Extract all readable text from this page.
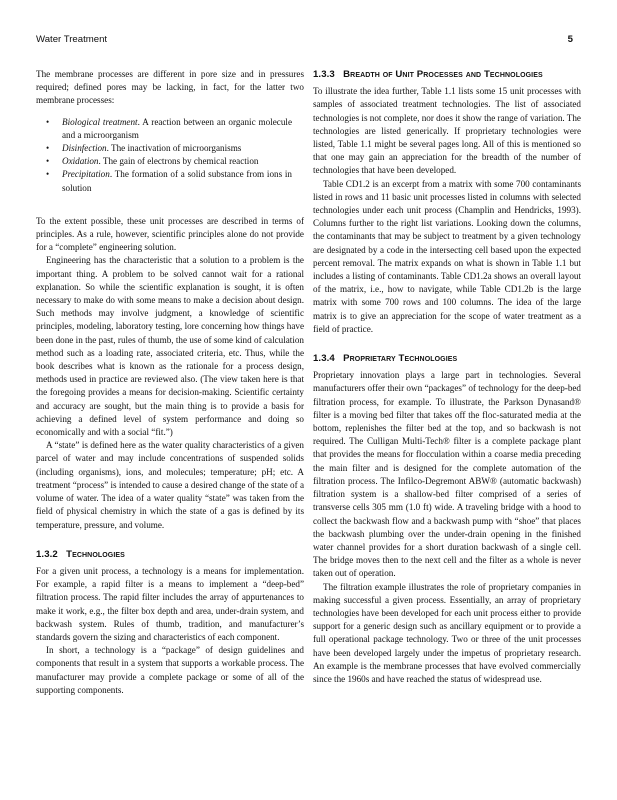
Water Treatment	5

The membrane processes are different in pore size and in pressures required; defined pores may be lacking, in fact, for the latter two membrane processes:

• Biological treatment. A reaction between an organic molecule and a microorganism
• Disinfection. The inactivation of microorganisms
• Oxidation. The gain of electrons by chemical reaction
• Precipitation. The formation of a solid substance from ions in solution

To the extent possible, these unit processes are described in terms of principles. As a rule, however, scientific principles alone do not provide for a “complete” engineering solution.

Engineering has the characteristic that a solution to a problem is the important thing. A problem to be solved cannot wait for a rational explanation. So while the scientific explanation is sought, it is often necessary to make do with some means to make a decision about design. Such methods may involve judgment, a knowledge of scientific principles, modeling, laboratory testing, lore concerning how things have been done in the past, rules of thumb, the use of some kind of calculation method such as a loading rate, associated criteria, etc. Thus, while the book describes what is known as the rationale for a process design, methods used in practice are reviewed also. (The view taken here is that the foregoing provides a means for decision-making. Scientific certainty and accuracy are sought, but the main thing is to provide a basis for achieving a defined level of system performance and doing so economically and with a social “fit.”)

A “state” is defined here as the water quality characteristics of a given parcel of water and may include concentrations of suspended solids (including organisms), ions, and molecules; temperature; pH; etc. A treatment “process” is intended to cause a desired change of the state of a volume of water. The idea of a water quality “state” was taken from the field of physical chemistry in which the state of a gas is defined by its temperature, pressure, and volume.

1.3.2 Technologies

For a given unit process, a technology is a means for implementation. For example, a rapid filter is a means to implement a “deep-bed” filtration process. The rapid filter includes the array of appurtenances to make it work, e.g., the filter box depth and area, under-drain system, and backwash system. Rules of thumb, tradition, and manufacturer’s standards govern the sizing and characteristics of each component.

In short, a technology is a “package” of design guidelines and components that result in a system that supports a workable process. The manufacturer may provide a complete package or some of all of the supporting components.

1.3.3 Breadth of Unit Processes and Technologies

To illustrate the idea further, Table 1.1 lists some 15 unit processes with samples of associated treatment technologies. The list of associated technologies is not complete, nor does it show the range of variation. The technologies are listed generically. If proprietary technologies were listed, Table 1.1 might be several pages long. All of this is mentioned so that one may gain an appreciation for the breadth of the number of technologies that have been developed.

Table CD1.2 is an excerpt from a matrix with some 700 contaminants listed in rows and 11 basic unit processes listed in columns with selected technologies under each unit process (Champlin and Hendricks, 1993). Columns further to the right list variations. Looking down the columns, the contaminants that may be subject to treatment by a given technology are designated by a code in the intersecting cell based upon the expected percent removal. The matrix expands on what is shown in Table 1.1 but includes a listing of contaminants. Table CD1.2a shows an overall layout of the matrix, i.e., how to navigate, while Table CD1.2b is the large matrix with some 700 rows and 100 columns. The idea of the large matrix is to give an appreciation for the scope of water treatment as a field of practice.

1.3.4 Proprietary Technologies

Proprietary innovation plays a large part in technologies. Several manufacturers offer their own “packages” of technology for the deep-bed filtration process, for example. To illustrate, the Parkson Dynasand® filter is a moving bed filter that takes off the floc-saturated media at the bottom, replenishes the filter bed at the top, and so backwash is not required. The Culligan Multi-Tech® filter is a complete package plant that provides the means for flocculation within a coarse media preceding the main filter and is designed for the complete automation of the filtration process. The Infilco-Degremont ABW® (automatic backwash) filtration system is a shallow-bed filter comprised of a series of transverse cells 305 mm (1.0 ft) wide. A traveling bridge with a hood to collect the backwash flow and a backwash pump with “shoe” that places the backwash plumbing over the under-drain opening in the finished water channel provides for a short duration backwash of a single cell. The bridge moves then to the next cell and the filter as a whole is never taken out of operation.

The filtration example illustrates the role of proprietary companies in making successful a given process. Essentially, an array of proprietary technologies have been developed for each unit process either to provide support for a generic design such as ancillary equipment or to provide a full operational package technology. Two or three of the unit processes have been developed largely under the impetus of proprietary research. An example is the membrane processes that have evolved commercially since the 1960s and have reached the status of widespread use.
